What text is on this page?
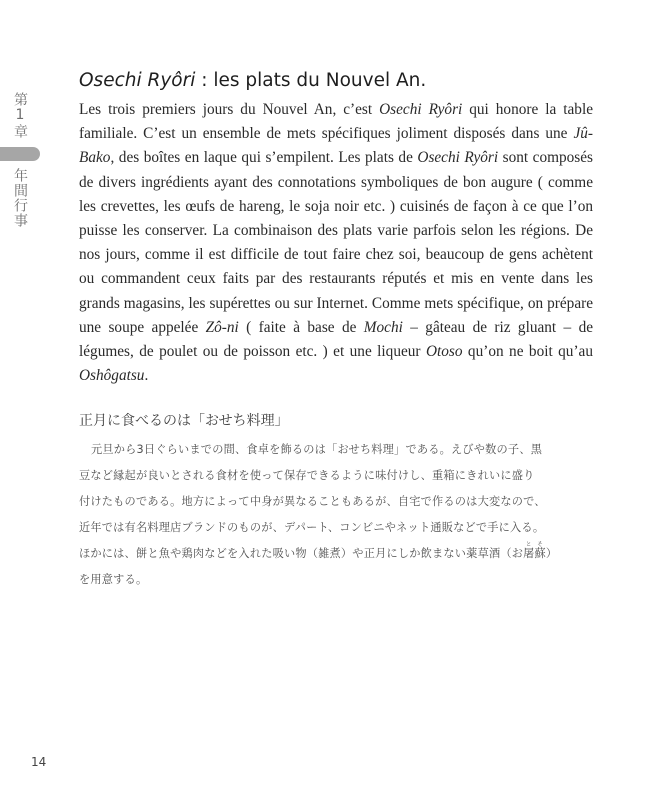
第1章
年間行事
Osechi Ryôri : les plats du Nouvel An.

Les trois premiers jours du Nouvel An, c’est Osechi Ryôri qui honore la table familiale. C’est un ensemble de mets spécifiques joliment disposés dans une Jû-Bako, des boîtes en laque qui s’empilent. Les plats de Osechi Ryôri sont composés de divers ingrédients ayant des connotations symboliques de bon augure ( comme les crevettes, les œufs de hareng, le soja noir etc. ) cuisinés de façon à ce que l’on puisse les conserver. La combinaison des plats varie parfois selon les régions. De nos jours, comme il est difficile de tout faire chez soi, beaucoup de gens achètent ou commandent ceux faits par des restaurants réputés et mis en vente dans les grands magasins, les supérettes ou sur Internet. Comme mets spécifique, on prépare une soupe appelée Zô-ni ( faite à base de Mochi – gâteau de riz gluant – de légumes, de poulet ou de poisson etc. ) et une liqueur Otoso qu’on ne boit qu’au Oshôgatsu.

正月に食べるのは「おせち料理」
元旦から3日ぐらいまでの間、食卓を飾るのは「おせち料理」である。えびや数の子、黒
豆など縁起が良いとされる食材を使って保存できるように味付けし、重箱にきれいに盛り
付けたものである。地方によって中身が異なることもあるが、自宅で作るのは大変なので、
近年では有名料理店ブランドのものが、デパート、コンビニやネット通販などで手に入る。
ほかには、餅と魚や鶏肉などを入れた吸い物（雑煮）や正月にしか飲まない薬草酒（お屠蘇とそ）
を用意する。
14
